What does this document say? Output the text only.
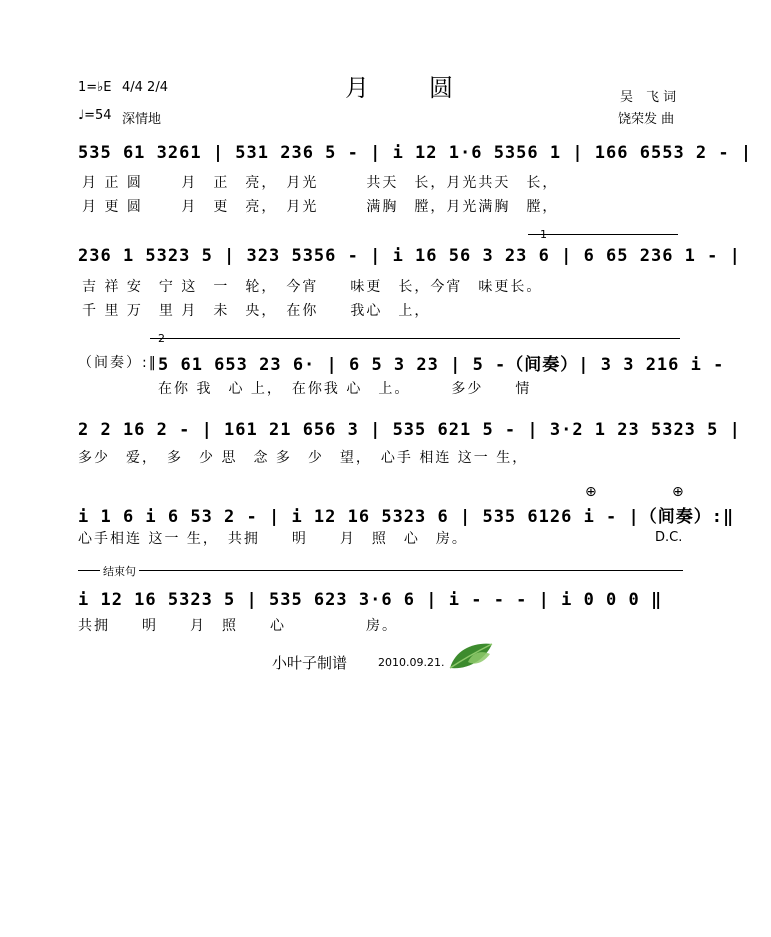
月　圆
1=♭E 4/4 2/4
♩=54 深情地
吴　飞 词
饶荣发 曲
535 61 3261 | 531 236 5 - | i 12 1·6 5356 1 | 166 6553 2 - |
月 正 圆　　 月　正　亮，　月光　　　共天　长，月光共天　长，
月 更 圆　　 月　更　亮，　月光　　　满胸　膛，月光满胸　膛，
1
236 1 5323 5 | 323 5356 - | i 16 56 3 23 6 | 6 65 236 1 - |
吉 祥 安　宁 这　一　轮，　今宵　　味更　长，今宵　味更长。
千 里 万　里 月　未　央，　在你　　我心　上，
2
（间奏）:‖ 5 61 653 23 6· | 6 5 3 23 | 5 -（间奏）| 3 3 216 i -
在你 我　心 上，　在你我 心　上。　　　多少　　情
2 2 16 2 - | 161 21 656 3 | 535 621 5 - | 3·2 1 23 5323 5 |
多少　爱，　多　少 思　念 多　少　望，　心手 相连 这一 生，
⊕	⊕
i 1 6 i 6 53 2 - | i 12 16 5323 6 | 535 6126 i - |（间奏）:‖
心手相连 这一 生，　共拥　　明　　月　照　心　房。	D.C.
结束句
i 12 16 5323 5 | 535 623 3·6 6 | i - - - | i 0 0 0 ‖
共拥　　明　　月　照　　心　　　　　房。
小叶子制谱	2010.09.21.
